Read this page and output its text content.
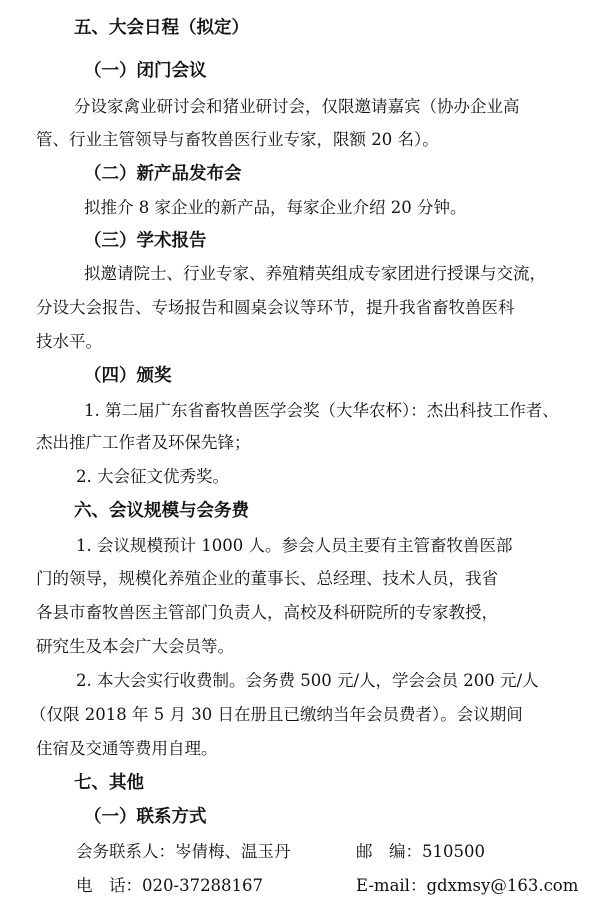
五、大会日程（拟定）
（一）闭门会议
分设家禽业研讨会和猪业研讨会，仅限邀请嘉宾（协办企业高
管、行业主管领导与畜牧兽医行业专家，限额 20 名）。
（二）新产品发布会
拟推介 8 家企业的新产品，每家企业介绍 20 分钟。
（三）学术报告
拟邀请院士、行业专家、养殖精英组成专家团进行授课与交流，
分设大会报告、专场报告和圆桌会议等环节，提升我省畜牧兽医科
技水平。
（四）颁奖
1. 第二届广东省畜牧兽医学会奖（大华农杯）：杰出科技工作者、
杰出推广工作者及环保先锋；
2. 大会征文优秀奖。
六、会议规模与会务费
1. 会议规模预计 1000 人。参会人员主要有主管畜牧兽医部
门的领导，规模化养殖企业的董事长、总经理、技术人员，我省
各县市畜牧兽医主管部门负责人，高校及科研院所的专家教授，
研究生及本会广大会员等。
2. 本大会实行收费制。会务费 500 元/人，学会会员 200 元/人
（仅限 2018 年 5 月 30 日在册且已缴纳当年会员费者）。会议期间
住宿及交通等费用自理。
七、其他
（一）联系方式
会务联系人：岑倩梅、温玉丹	邮　编：510500
电　话：020-37288167	E-mail：gdxmsy@163.com
